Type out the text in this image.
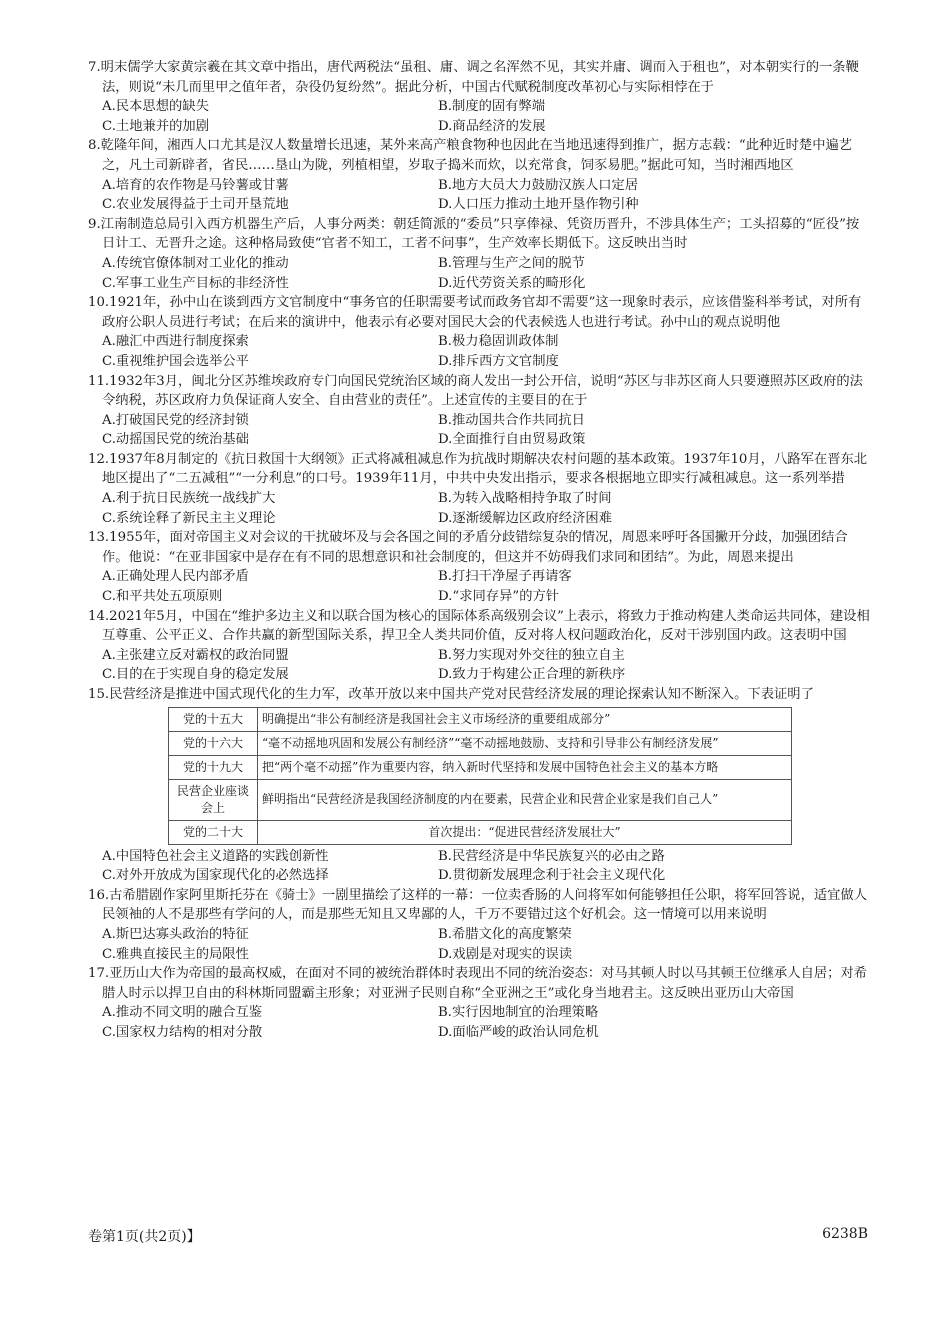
7.明末儒学大家黄宗羲在其文章中指出，唐代两税法“虽租、庸、调之名浑然不见，其实并庸、调而入于租也”，对本朝实行的一条鞭法，则说“未几而里甲之值年者，杂役仍复纷然”。据此分析，中国古代赋税制度改革初心与实际相悖在于

A.民本思想的缺失	B.制度的固有弊端
C.土地兼并的加剧	D.商品经济的发展

8.乾隆年间，湘西人口尤其是汉人数量增长迅速，某外来高产粮食物种也因此在当地迅速得到推广，据方志载：“此种近时楚中遍艺之，凡土司新辟者，省民……垦山为陇，列植相望，岁取子捣米而炊，以充常食，饲豕易肥。”据此可知，当时湘西地区

A.培育的农作物是马铃薯或甘薯	B.地方大员大力鼓励汉族人口定居
C.农业发展得益于土司开垦荒地	D.人口压力推动土地开垦作物引种

9.江南制造总局引入西方机器生产后，人事分两类：朝廷简派的“委员”只享俸禄、凭资历晋升，不涉具体生产；工头招募的“匠役”按日计工、无晋升之途。这种格局致使“官者不知工，工者不问事”，生产效率长期低下。这反映出当时

A.传统官僚体制对工业化的推动	B.管理与生产之间的脱节
C.军事工业生产目标的非经济性	D.近代劳资关系的畸形化

10.1921年，孙中山在谈到西方文官制度中“事务官的任职需要考试而政务官却不需要”这一现象时表示，应该借鉴科举考试，对所有政府公职人员进行考试；在后来的演讲中，他表示有必要对国民大会的代表候选人也进行考试。孙中山的观点说明他

A.融汇中西进行制度探索	B.极力稳固训政体制
C.重视维护国会选举公平	D.排斥西方文官制度

11.1932年3月，闽北分区苏维埃政府专门向国民党统治区域的商人发出一封公开信，说明“苏区与非苏区商人只要遵照苏区政府的法令纳税，苏区政府力负保证商人安全、自由营业的责任”。上述宣传的主要目的在于

A.打破国民党的经济封锁	B.推动国共合作共同抗日
C.动摇国民党的统治基础	D.全面推行自由贸易政策

12.1937年8月制定的《抗日救国十大纲领》正式将减租减息作为抗战时期解决农村问题的基本政策。1937年10月，八路军在晋东北地区提出了“二五减租”“一分利息”的口号。1939年11月，中共中央发出指示，要求各根据地立即实行减租减息。这一系列举措

A.利于抗日民族统一战线扩大	B.为转入战略相持争取了时间
C.系统诠释了新民主主义理论	D.逐渐缓解边区政府经济困难

13.1955年，面对帝国主义对会议的干扰破坏及与会各国之间的矛盾分歧错综复杂的情况，周恩来呼吁各国撇开分歧，加强团结合作。他说：“在亚非国家中是存在有不同的思想意识和社会制度的，但这并不妨碍我们求同和团结”。为此，周恩来提出

A.正确处理人民内部矛盾	B.打扫干净屋子再请客
C.和平共处五项原则	D.“求同存异”的方针

14.2021年5月，中国在“维护多边主义和以联合国为核心的国际体系高级别会议”上表示，将致力于推动构建人类命运共同体，建设相互尊重、公平正义、合作共赢的新型国际关系，捍卫全人类共同价值，反对将人权问题政治化，反对干涉别国内政。这表明中国

A.主张建立反对霸权的政治同盟	B.努力实现对外交往的独立自主
C.目的在于实现自身的稳定发展	D.致力于构建公正合理的新秩序

15.民营经济是推进中国式现代化的生力军，改革开放以来中国共产党对民营经济发展的理论探索认知不断深入。下表证明了

党的十五大	明确提出“非公有制经济是我国社会主义市场经济的重要组成部分”
党的十六大	“毫不动摇地巩固和发展公有制经济”“毫不动摇地鼓励、支持和引导非公有制经济发展”
党的十九大	把“两个毫不动摇”作为重要内容，纳入新时代坚持和发展中国特色社会主义的基本方略
民营企业座谈会上	鲜明指出“民营经济是我国经济制度的内在要素，民营企业和民营企业家是我们自己人”
党的二十大	首次提出：“促进民营经济发展壮大”
A.中国特色社会主义道路的实践创新性	B.民营经济是中华民族复兴的必由之路
C.对外开放成为国家现代化的必然选择	D.贯彻新发展理念利于社会主义现代化

16.古希腊剧作家阿里斯托芬在《骑士》一剧里描绘了这样的一幕：一位卖香肠的人问将军如何能够担任公职，将军回答说，适宜做人民领袖的人不是那些有学问的人，而是那些无知且又卑鄙的人，千万不要错过这个好机会。这一情境可以用来说明

A.斯巴达寡头政治的特征	B.希腊文化的高度繁荣
C.雅典直接民主的局限性	D.戏剧是对现实的误读

17.亚历山大作为帝国的最高权威，在面对不同的被统治群体时表现出不同的统治姿态：对马其顿人时以马其顿王位继承人自居；对希腊人时示以捍卫自由的科林斯同盟霸主形象；对亚洲子民则自称“全亚洲之王”或化身当地君主。这反映出亚历山大帝国

A.推动不同文明的融合互鉴	B.实行因地制宜的治理策略
C.国家权力结构的相对分散	D.面临严峻的政治认同危机
卷第1页(共2页)】	6238B
